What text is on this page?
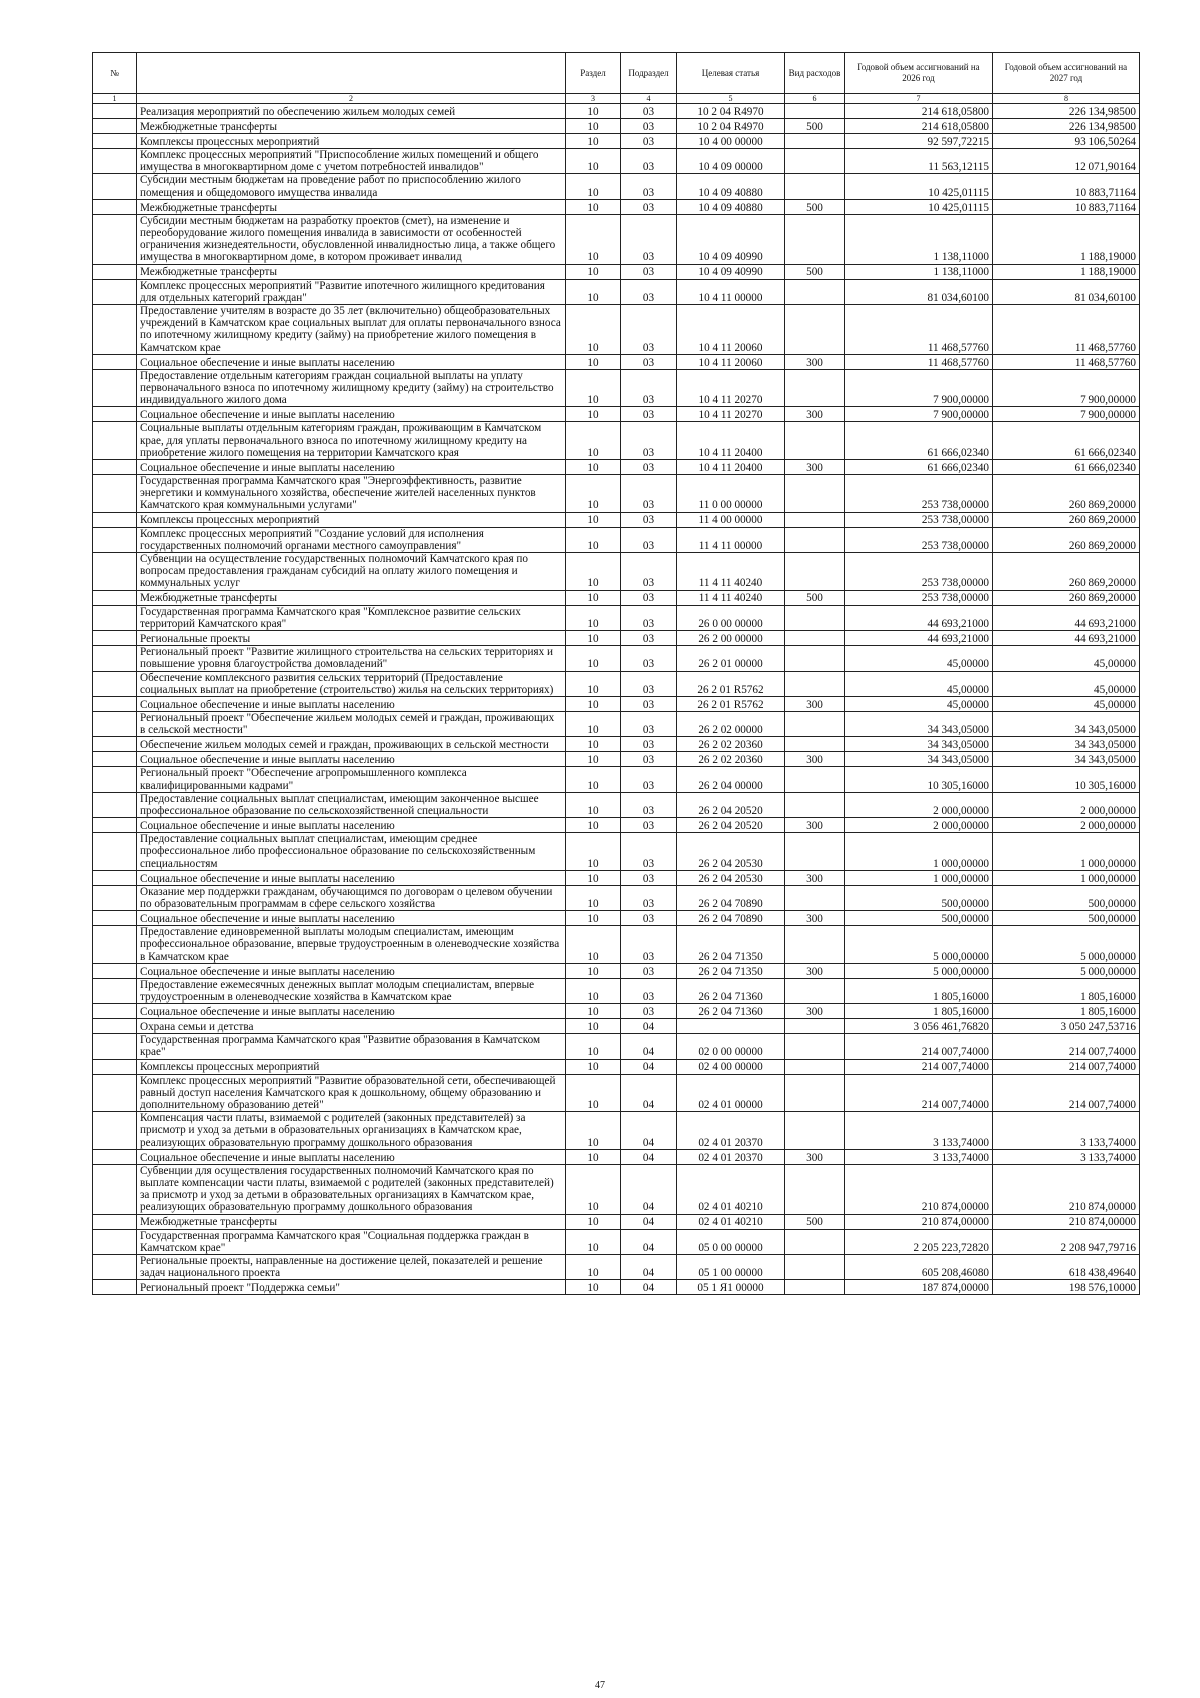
№		Раздел	Подраздел	Целевая статья	Вид расходов	Годовой объем ассигнований на 2026 год	Годовой объем ассигнований на 2027 год
1	2	3	4	5	6	7	8
	Реализация мероприятий по обеспечению жильем молодых семей	10	03	10 2 04 R4970		214 618,05800	226 134,98500
	Межбюджетные трансферты	10	03	10 2 04 R4970	500	214 618,05800	226 134,98500
	Комплексы процессных мероприятий	10	03	10 4 00 00000		92 597,72215	93 106,50264
	Комплекс процессных мероприятий "Приспособление жилых помещений и общего имущества в многоквартирном доме с учетом потребностей инвалидов"	10	03	10 4 09 00000		11 563,12115	12 071,90164
	Субсидии местным бюджетам на проведение работ по приспособлению жилого помещения и общедомового имущества инвалида	10	03	10 4 09 40880		10 425,01115	10 883,71164
	Межбюджетные трансферты	10	03	10 4 09 40880	500	10 425,01115	10 883,71164
	Субсидии местным бюджетам на разработку проектов (смет), на изменение и переоборудование жилого помещения инвалида в зависимости от особенностей ограничения жизнедеятельности, обусловленной инвалидностью лица, а также общего имущества в многоквартирном доме, в котором проживает инвалид	10	03	10 4 09 40990		1 138,11000	1 188,19000
	Межбюджетные трансферты	10	03	10 4 09 40990	500	1 138,11000	1 188,19000
	Комплекс процессных мероприятий "Развитие ипотечного жилищного кредитования для отдельных категорий граждан"	10	03	10 4 11 00000		81 034,60100	81 034,60100
	Предоставление учителям в возрасте до 35 лет (включительно) общеобразовательных учреждений в Камчатском крае социальных выплат для оплаты первоначального взноса по ипотечному жилищному кредиту (займу) на приобретение жилого помещения в Камчатском крае	10	03	10 4 11 20060		11 468,57760	11 468,57760
	Социальное обеспечение и иные выплаты населению	10	03	10 4 11 20060	300	11 468,57760	11 468,57760
	Предоставление отдельным категориям граждан социальной выплаты на уплату первоначального взноса по ипотечному жилищному кредиту (займу) на строительство индивидуального жилого дома	10	03	10 4 11 20270		7 900,00000	7 900,00000
	Социальное обеспечение и иные выплаты населению	10	03	10 4 11 20270	300	7 900,00000	7 900,00000
	Социальные выплаты отдельным категориям граждан, проживающим в Камчатском крае, для уплаты первоначального взноса по ипотечному жилищному кредиту на приобретение жилого помещения на территории Камчатского края	10	03	10 4 11 20400		61 666,02340	61 666,02340
	Социальное обеспечение и иные выплаты населению	10	03	10 4 11 20400	300	61 666,02340	61 666,02340
	Государственная программа Камчатского края "Энергоэффективность, развитие энергетики и коммунального хозяйства, обеспечение жителей населенных пунктов Камчатского края коммунальными услугами"	10	03	11 0 00 00000		253 738,00000	260 869,20000
	Комплексы процессных мероприятий	10	03	11 4 00 00000		253 738,00000	260 869,20000
	Комплекс процессных мероприятий "Создание условий для исполнения государственных полномочий органами местного самоуправления"	10	03	11 4 11 00000		253 738,00000	260 869,20000
	Субвенции на осуществление государственных полномочий Камчатского края по вопросам предоставления гражданам субсидий на оплату жилого помещения и коммунальных услуг	10	03	11 4 11 40240		253 738,00000	260 869,20000
	Межбюджетные трансферты	10	03	11 4 11 40240	500	253 738,00000	260 869,20000
	Государственная программа Камчатского края "Комплексное развитие сельских территорий Камчатского края"	10	03	26 0 00 00000		44 693,21000	44 693,21000
	Региональные проекты	10	03	26 2 00 00000		44 693,21000	44 693,21000
	Региональный проект "Развитие жилищного строительства на сельских территориях и повышение уровня благоустройства домовладений"	10	03	26 2 01 00000		45,00000	45,00000
	Обеспечение комплексного развития сельских территорий (Предоставление социальных выплат на приобретение (строительство) жилья на сельских территориях)	10	03	26 2 01 R5762		45,00000	45,00000
	Социальное обеспечение и иные выплаты населению	10	03	26 2 01 R5762	300	45,00000	45,00000
	Региональный проект "Обеспечение жильем молодых семей и граждан, проживающих в сельской местности"	10	03	26 2 02 00000		34 343,05000	34 343,05000
	Обеспечение жильем молодых семей и граждан, проживающих в сельской местности	10	03	26 2 02 20360		34 343,05000	34 343,05000
	Социальное обеспечение и иные выплаты населению	10	03	26 2 02 20360	300	34 343,05000	34 343,05000
	Региональный проект "Обеспечение агропромышленного комплекса квалифицированными кадрами"	10	03	26 2 04 00000		10 305,16000	10 305,16000
	Предоставление социальных выплат специалистам, имеющим законченное высшее профессиональное образование по сельскохозяйственной специальности	10	03	26 2 04 20520		2 000,00000	2 000,00000
	Социальное обеспечение и иные выплаты населению	10	03	26 2 04 20520	300	2 000,00000	2 000,00000
	Предоставление социальных выплат специалистам, имеющим среднее профессиональное либо профессиональное образование по сельскохозяйственным специальностям	10	03	26 2 04 20530		1 000,00000	1 000,00000
	Социальное обеспечение и иные выплаты населению	10	03	26 2 04 20530	300	1 000,00000	1 000,00000
	Оказание мер поддержки гражданам, обучающимся по договорам о целевом обучении по образовательным программам в сфере сельского хозяйства	10	03	26 2 04 70890		500,00000	500,00000
	Социальное обеспечение и иные выплаты населению	10	03	26 2 04 70890	300	500,00000	500,00000
	Предоставление единовременной выплаты молодым специалистам, имеющим профессиональное образование, впервые трудоустроенным в оленеводческие хозяйства в Камчатском крае	10	03	26 2 04 71350		5 000,00000	5 000,00000
	Социальное обеспечение и иные выплаты населению	10	03	26 2 04 71350	300	5 000,00000	5 000,00000
	Предоставление ежемесячных денежных выплат молодым специалистам, впервые трудоустроенным в оленеводческие хозяйства в Камчатском крае	10	03	26 2 04 71360		1 805,16000	1 805,16000
	Социальное обеспечение и иные выплаты населению	10	03	26 2 04 71360	300	1 805,16000	1 805,16000
	Охрана семьи и детства	10	04			3 056 461,76820	3 050 247,53716
	Государственная программа Камчатского края "Развитие образования в Камчатском крае"	10	04	02 0 00 00000		214 007,74000	214 007,74000
	Комплексы процессных мероприятий	10	04	02 4 00 00000		214 007,74000	214 007,74000
	Комплекс процессных мероприятий "Развитие образовательной сети, обеспечивающей равный доступ населения Камчатского края к дошкольному, общему образованию и дополнительному образованию детей"	10	04	02 4 01 00000		214 007,74000	214 007,74000
	Компенсация части платы, взимаемой с родителей (законных представителей) за присмотр и уход за детьми в образовательных организациях в Камчатском крае, реализующих образовательную программу дошкольного образования	10	04	02 4 01 20370		3 133,74000	3 133,74000
	Социальное обеспечение и иные выплаты населению	10	04	02 4 01 20370	300	3 133,74000	3 133,74000
	Субвенции для осуществления государственных полномочий Камчатского края по выплате компенсации части платы, взимаемой с родителей (законных представителей) за присмотр и уход за детьми в образовательных организациях в Камчатском крае, реализующих образовательную программу дошкольного образования	10	04	02 4 01 40210		210 874,00000	210 874,00000
	Межбюджетные трансферты	10	04	02 4 01 40210	500	210 874,00000	210 874,00000
	Государственная программа Камчатского края "Социальная поддержка граждан в Камчатском крае"	10	04	05 0 00 00000		2 205 223,72820	2 208 947,79716
	Региональные проекты, направленные на достижение целей, показателей и решение задач национального проекта	10	04	05 1 00 00000		605 208,46080	618 438,49640
	Региональный проект "Поддержка семьи"	10	04	05 1 Я1 00000		187 874,00000	198 576,10000
47
